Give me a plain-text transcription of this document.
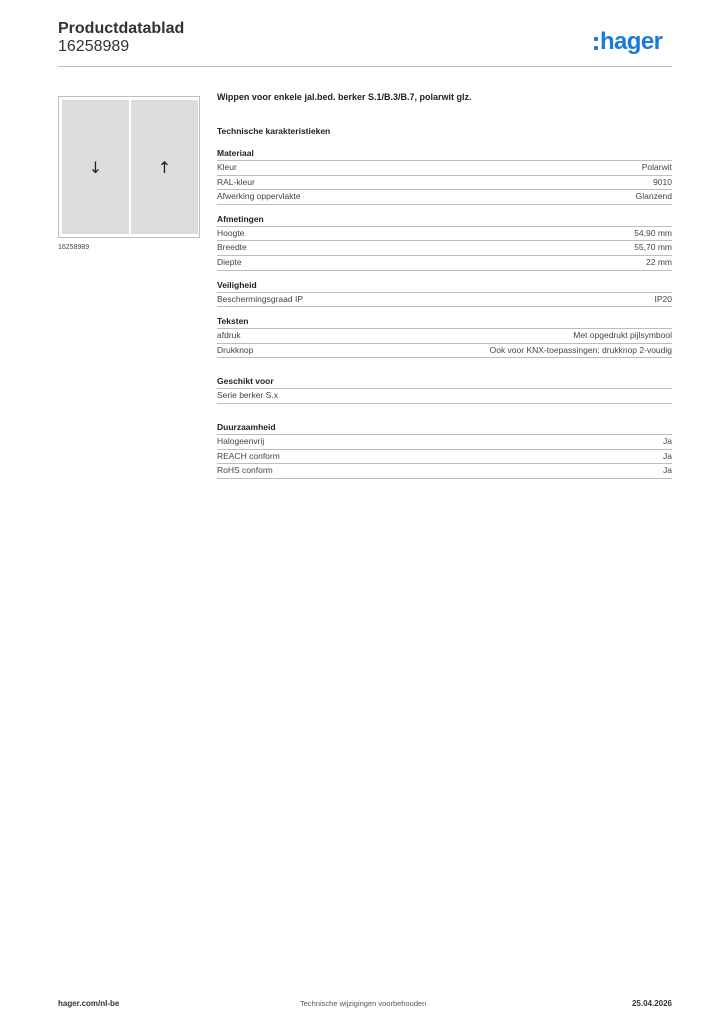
Productdatablad
16258989	hager
↓	↑
16258989
Wippen voor enkele jal.bed. berker S.1/B.3/B.7, polarwit glz.
Technische karakteristieken
Materiaal
Kleur	Polarwit
RAL-kleur	9010
Afwerking oppervlakte	Glanzend
Afmetingen
Hoogte	54,90 mm
Breedte	55,70 mm
Diepte	22 mm
Veiligheid
Beschermingsgraad IP	IP20
Teksten
afdruk	Met opgedrukt pijlsymbool
Drukknop	Ook voor KNX-toepassingen: drukknop 2-voudig
Geschikt voor
Serie berker S.x
Duurzaamheid
Halogeenvrij	Ja
REACH conform	Ja
RoHS conform	Ja
hager.com/nl-be	Technische wijzigingen voorbehouden	25.04.2026
